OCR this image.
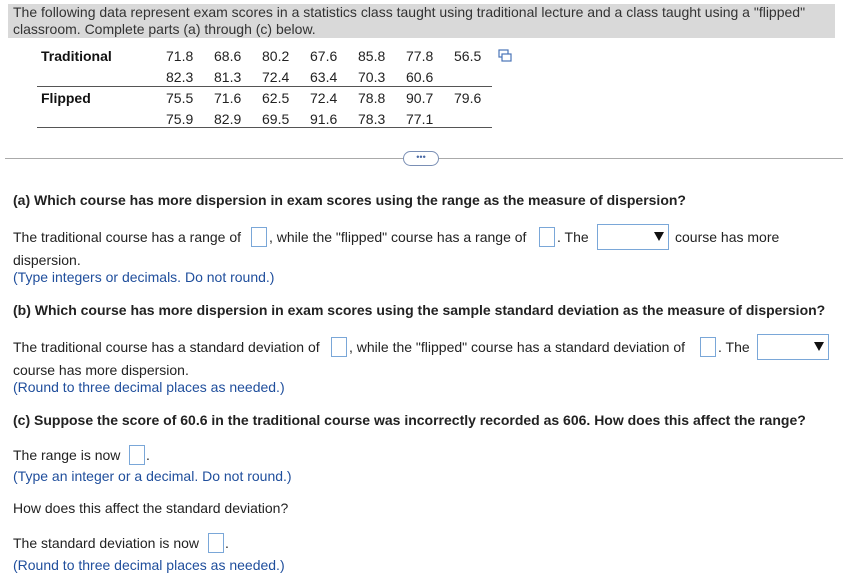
The following data represent exam scores in a statistics class taught using traditional lecture and a class taught using a "flipped"
classroom. Complete parts (a) through (c) below.
Traditional	71.8	68.6	80.2	67.6	85.8	77.8	56.5
82.3	81.3	72.4	63.4	70.3	60.6
Flipped	75.5	71.6	62.5	72.4	78.8	90.7	79.6
75.9	82.9	69.5	91.6	78.3	77.1
•••
(a) Which course has more dispersion in exam scores using the range as the measure of dispersion?
The traditional course has a range of , while the "flipped" course has a range of . The	course has more
dispersion.
(Type integers or decimals. Do not round.)
(b) Which course has more dispersion in exam scores using the sample standard deviation as the measure of dispersion?
The traditional course has a standard deviation of , while the "flipped" course has a standard deviation of . The
course has more dispersion.
(Round to three decimal places as needed.)
(c) Suppose the score of 60.6 in the traditional course was incorrectly recorded as 606. How does this affect the range?
The range is now .
(Type an integer or a decimal. Do not round.)
How does this affect the standard deviation?
The standard deviation is now .
(Round to three decimal places as needed.)
